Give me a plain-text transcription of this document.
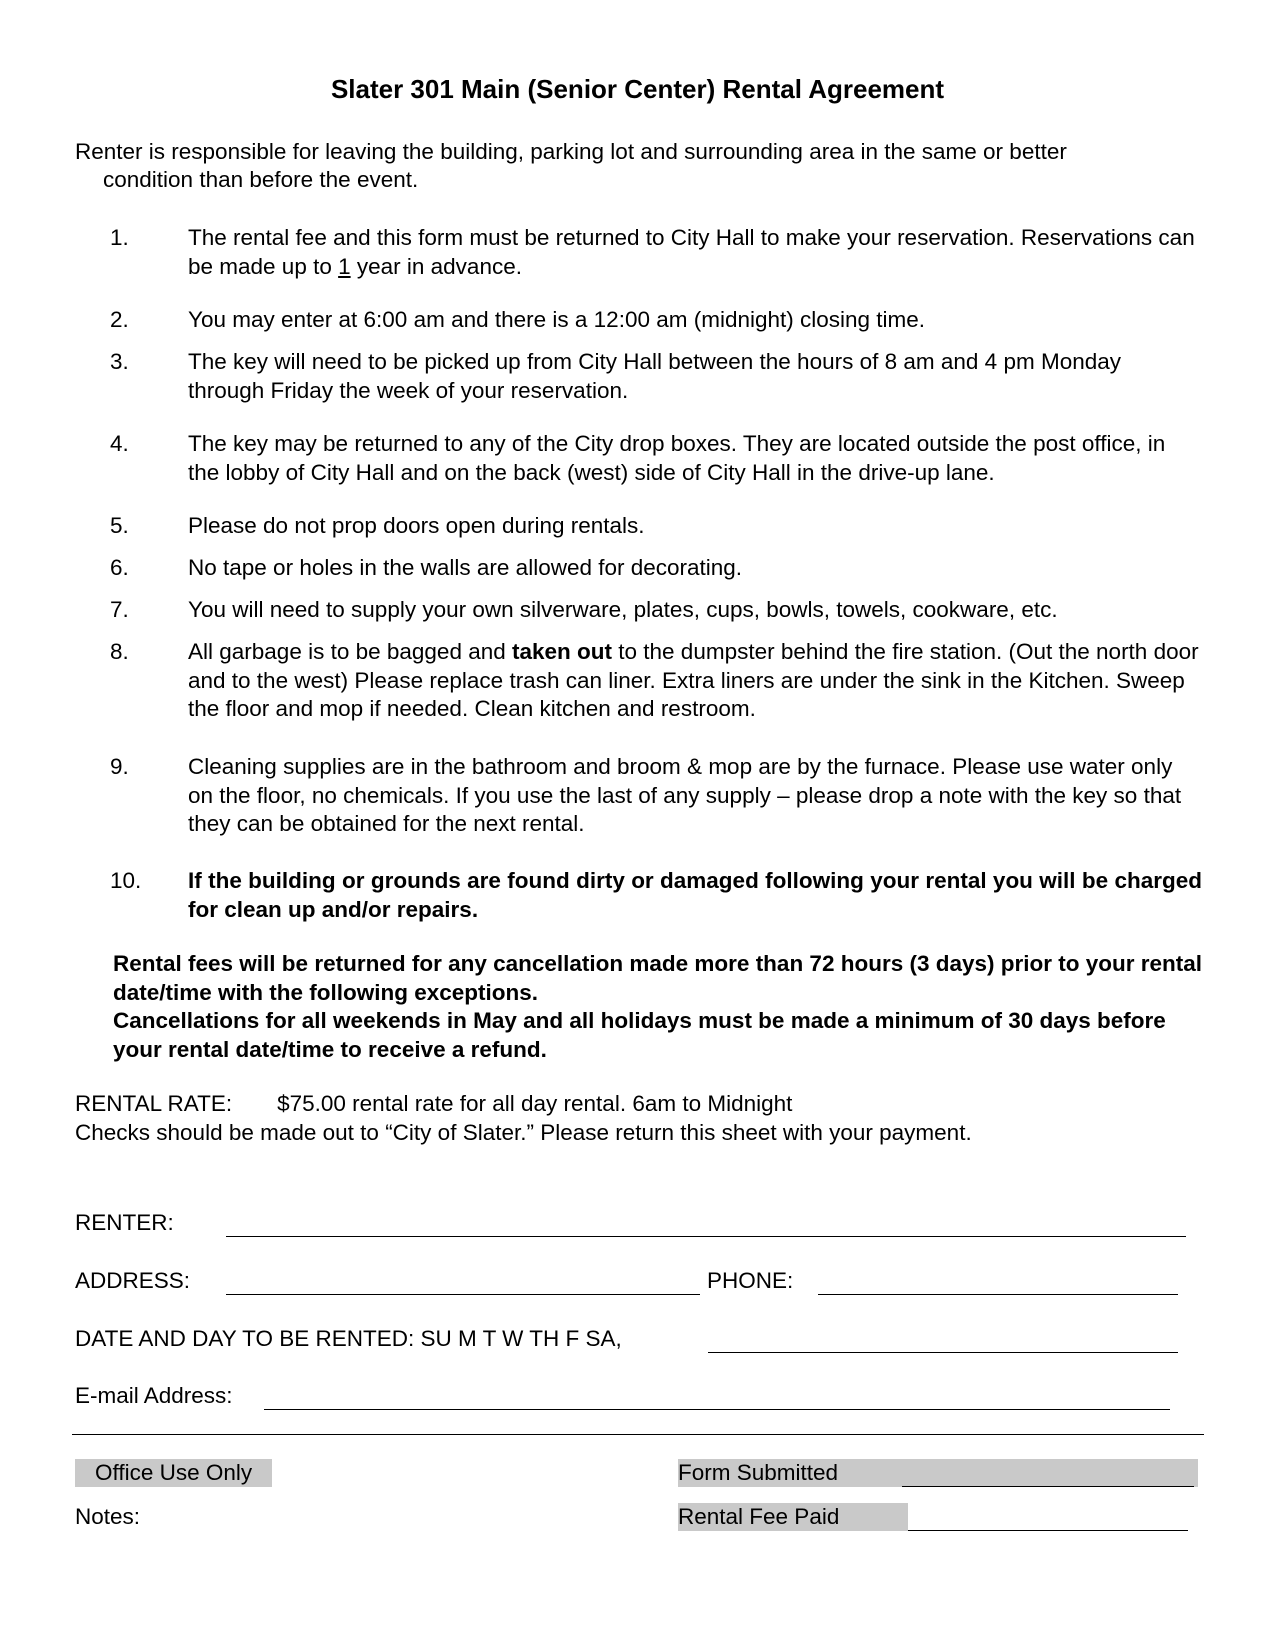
Slater 301 Main (Senior Center) Rental Agreement
Renter is responsible for leaving the building, parking lot and surrounding area in the same or better
condition than before the event.
1.	The rental fee and this form must be returned to City Hall to make your reservation. Reservations can be made up to 1 year in advance.
2.	You may enter at 6:00 am and there is a 12:00 am (midnight) closing time.
3.	The key will need to be picked up from City Hall between the hours of 8 am and 4 pm Monday through Friday the week of your reservation.
4.	The key may be returned to any of the City drop boxes. They are located outside the post office, in the lobby of City Hall and on the back (west) side of City Hall in the drive-up lane.
5.	Please do not prop doors open during rentals.
6.	No tape or holes in the walls are allowed for decorating.
7.	You will need to supply your own silverware, plates, cups, bowls, towels, cookware, etc.
8.	All garbage is to be bagged and taken out to the dumpster behind the fire station. (Out the north door and to the west) Please replace trash can liner. Extra liners are under the sink in the Kitchen. Sweep the floor and mop if needed. Clean kitchen and restroom.
9.	Cleaning supplies are in the bathroom and broom & mop are by the furnace. Please use water only on the floor, no chemicals. If you use the last of any supply – please drop a note with the key so that they can be obtained for the next rental.
10. If the building or grounds are found dirty or damaged following your rental you will be charged for clean up and/or repairs.
Rental fees will be returned for any cancellation made more than 72 hours (3 days) prior to your rental date/time with the following exceptions.
Cancellations for all weekends in May and all holidays must be made a minimum of 30 days before your rental date/time to receive a refund.
RENTAL RATE: $75.00 rental rate for all day rental. 6am to Midnight
Checks should be made out to “City of Slater.” Please return this sheet with your payment.
RENTER:
ADDRESS:	PHONE:
DATE AND DAY TO BE RENTED: SU M T W TH F SA,
E-mail Address:
Office Use Only	Form Submitted
Notes:	Rental Fee Paid
